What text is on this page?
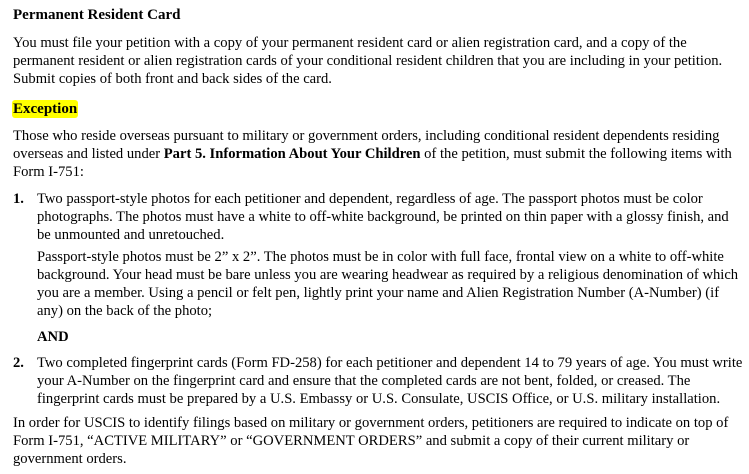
Permanent Resident Card
You must file your petition with a copy of your permanent resident card or alien registration card, and a copy of the permanent resident or alien registration cards of your conditional resident children that you are including in your petition. Submit copies of both front and back sides of the card.
Exception
Those who reside overseas pursuant to military or government orders, including conditional resident dependents residing overseas and listed under Part 5. Information About Your Children of the petition, must submit the following items with Form I-751:
1. Two passport-style photos for each petitioner and dependent, regardless of age. The passport photos must be color photographs. The photos must have a white to off-white background, be printed on thin paper with a glossy finish, and be unmounted and unretouched.
Passport-style photos must be 2” x 2”. The photos must be in color with full face, frontal view on a white to off-white background. Your head must be bare unless you are wearing headwear as required by a religious denomination of which you are a member. Using a pencil or felt pen, lightly print your name and Alien Registration Number (A-Number) (if any) on the back of the photo;
AND
2. Two completed fingerprint cards (Form FD-258) for each petitioner and dependent 14 to 79 years of age. You must write your A-Number on the fingerprint card and ensure that the completed cards are not bent, folded, or creased. The fingerprint cards must be prepared by a U.S. Embassy or U.S. Consulate, USCIS Office, or U.S. military installation.
In order for USCIS to identify filings based on military or government orders, petitioners are required to indicate on top of Form I-751, “ACTIVE MILITARY” or “GOVERNMENT ORDERS” and submit a copy of their current military or government orders.
